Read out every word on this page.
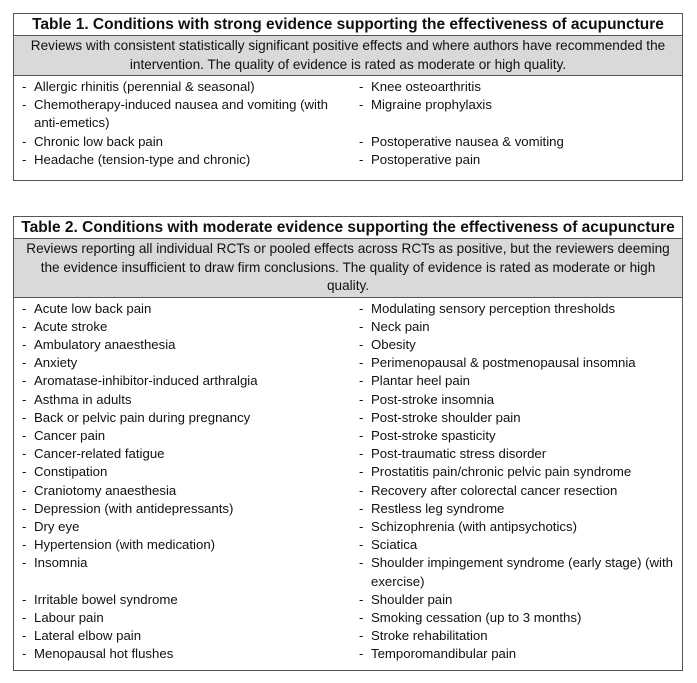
Table 1. Conditions with strong evidence supporting the effectiveness of acupuncture
Reviews with consistent statistically significant positive effects and where authors have recommended the intervention. The quality of evidence is rated as moderate or high quality.
- Allergic rhinitis (perennial & seasonal)
- Chemotherapy-induced nausea and vomiting (with anti-emetics)
- Chronic low back pain
- Headache (tension-type and chronic)
- Knee osteoarthritis
- Migraine prophylaxis
- Postoperative nausea & vomiting
- Postoperative pain
Table 2. Conditions with moderate evidence supporting the effectiveness of acupuncture
Reviews reporting all individual RCTs or pooled effects across RCTs as positive, but the reviewers deeming the evidence insufficient to draw firm conclusions. The quality of evidence is rated as moderate or high quality.
- Acute low back pain
- Acute stroke
- Ambulatory anaesthesia
- Anxiety
- Aromatase-inhibitor-induced arthralgia
- Asthma in adults
- Back or pelvic pain during pregnancy
- Cancer pain
- Cancer-related fatigue
- Constipation
- Craniotomy anaesthesia
- Depression (with antidepressants)
- Dry eye
- Hypertension (with medication)
- Insomnia
- Irritable bowel syndrome
- Labour pain
- Lateral elbow pain
- Menopausal hot flushes
- Modulating sensory perception thresholds
- Neck pain
- Obesity
- Perimenopausal & postmenopausal insomnia
- Plantar heel pain
- Post-stroke insomnia
- Post-stroke shoulder pain
- Post-stroke spasticity
- Post-traumatic stress disorder
- Prostatitis pain/chronic pelvic pain syndrome
- Recovery after colorectal cancer resection
- Restless leg syndrome
- Schizophrenia (with antipsychotics)
- Sciatica
- Shoulder impingement syndrome (early stage) (with exercise)
- Shoulder pain
- Smoking cessation (up to 3 months)
- Stroke rehabilitation
- Temporomandibular pain
